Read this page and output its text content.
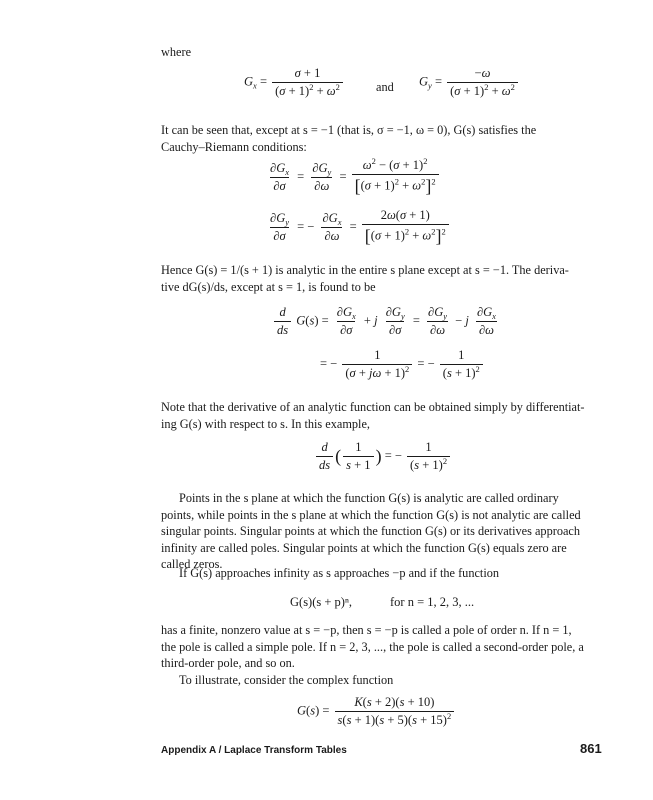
where
$G_x = \frac{\sigma + 1}{(\sigma + 1)^2 + \omega^2}$	and $G_y = \frac{-\omega}{(\sigma + 1)^2 + \omega^2}$
It can be seen that, except at s = −1 (that is, σ = −1, ω = 0), G(s) satisfies the
Cauchy–Riemann conditions:
$\frac{\partial G_x}{\partial\sigma} = \frac{\partial G_y}{\partial\omega} = \frac{\omega^2 - (\sigma + 1)^2}{[(\sigma + 1)^2 + \omega^2]^2}$
$\frac{\partial G_y}{\partial\sigma}$ = − $\frac{\partial G_x}{\partial\omega} = \frac{2\omega(\sigma + 1)}{[(\sigma + 1)^2 + \omega^2]^2}$
Hence G(s) = 1/(s + 1) is analytic in the entire s plane except at s = −1. The deriva-
tive dG(s)/ds, except at s = 1, is found to be
$\frac{d}{ds} G(s) = \frac{\partial G_x}{\partial\sigma} + j \frac{\partial G_y}{\partial\sigma} = \frac{\partial G_y}{\partial\omega} - j \frac{\partial G_x}{\partial\omega}$
= − $\frac{1}{(\sigma + j\omega + 1)^2}$ = − $\frac{1}{(s + 1)^2}$
Note that the derivative of an analytic function can be obtained simply by differentiat-
ing G(s) with respect to s. In this example,
$\frac{d}{ds}$ ( $\frac{1}{s + 1}$ ) = − $\frac{1}{(s + 1)^2}$
Points in the s plane at which the function G(s) is analytic are called ordinary
points, while points in the s plane at which the function G(s) is not analytic are called
singular points. Singular points at which the function G(s) or its derivatives approach
infinity are called poles. Singular points at which the function G(s) equals zero are
called zeros.
If G(s) approaches infinity as s approaches −p and if the function
G(s)(s + p)ⁿ,	for n = 1, 2, 3, ...
has a finite, nonzero value at s = −p, then s = −p is called a pole of order n. If n = 1,
the pole is called a simple pole. If n = 2, 3, ..., the pole is called a second-order pole, a
third-order pole, and so on.
To illustrate, consider the complex function
$G(s) = \frac{K(s + 2)(s + 10)}{s(s + 1)(s + 5)(s + 15)^2}$
Appendix A / Laplace Transform Tables	861
